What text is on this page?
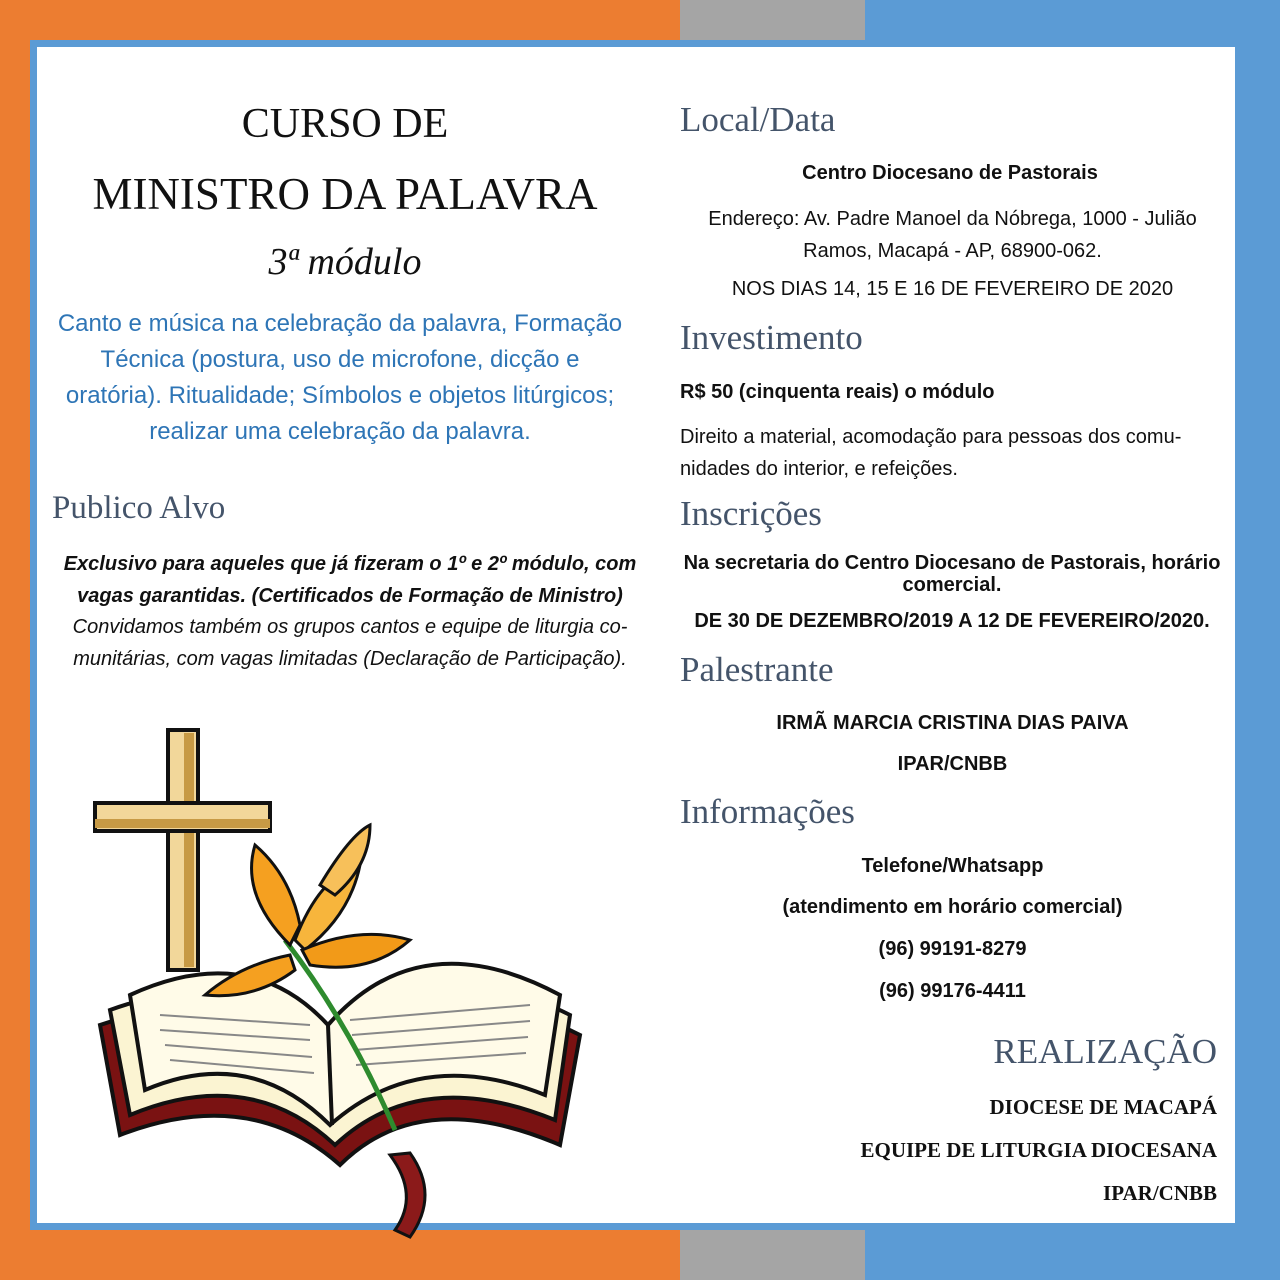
CURSO DE

MINISTRO DA PALAVRA

3ª módulo

Canto e música na celebração da palavra, Formação Técnica (postura, uso de microfone, dicção e oratória). Ritualidade; Símbolos e objetos litúrgicos; realizar uma celebração da palavra.

Publico Alvo

Exclusivo para aqueles que já fizeram o 1º e 2º módulo, com vagas garantidas. (Certificados de Formação de Ministro)

Convidamos também os grupos cantos e equipe de liturgia co-munitárias, com vagas limitadas (Declaração de Participação).

Local/Data

Centro Diocesano de Pastorais

Endereço: Av. Padre Manoel da Nóbrega, 1000 - Julião Ramos, Macapá - AP, 68900-062.

NOS DIAS 14, 15 E 16 DE FEVEREIRO DE 2020

Investimento

R$ 50 (cinquenta reais) o módulo

Direito a material, acomodação para pessoas dos comu-nidades do interior, e refeições.

Inscrições

Na secretaria do Centro Diocesano de Pastorais, horário comercial.

DE 30 DE DEZEMBRO/2019 A 12 DE FEVEREIRO/2020.

Palestrante

IRMÃ MARCIA CRISTINA DIAS PAIVA

IPAR/CNBB

Informações

Telefone/Whatsapp

(atendimento em horário comercial)

(96) 99191-8279

(96) 99176-4411

REALIZAÇÃO

DIOCESE DE MACAPÁ

EQUIPE DE LITURGIA DIOCESANA

IPAR/CNBB
